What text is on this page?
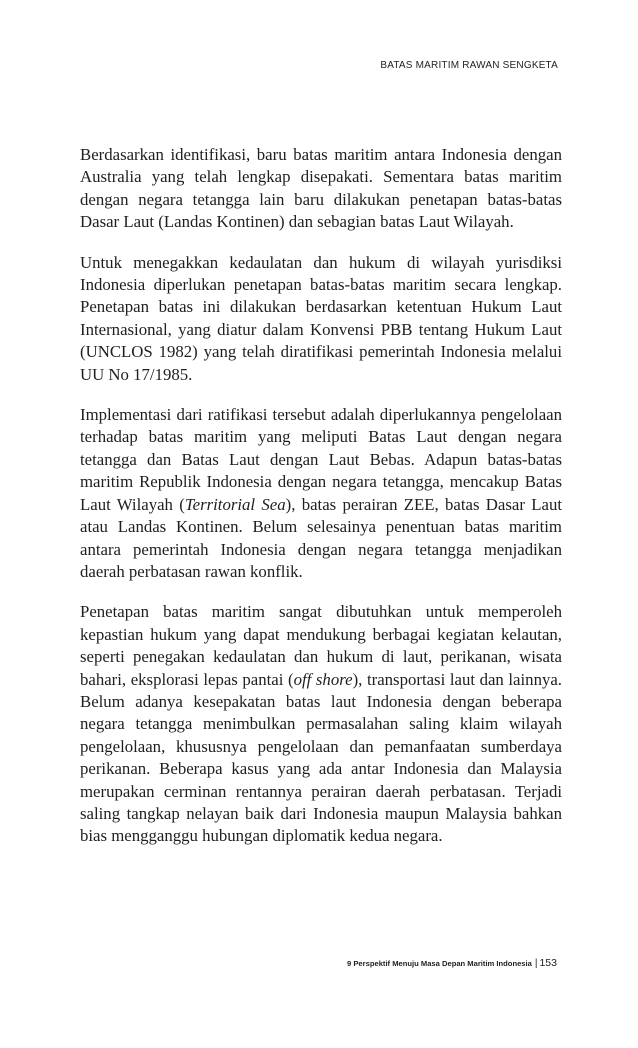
BATAS MARITIM RAWAN SENGKETA

Berdasarkan identifikasi, baru batas maritim antara Indonesia dengan Australia yang telah lengkap disepakati. Sementara batas maritim dengan negara tetangga lain baru dilakukan penetapan batas-batas Dasar Laut (Landas Kontinen) dan sebagian batas Laut Wilayah.

Untuk menegakkan kedaulatan dan hukum di wilayah yurisdiksi Indonesia diperlukan penetapan batas-batas maritim secara lengkap. Penetapan batas ini dilakukan berdasarkan ketentuan Hukum Laut Internasional, yang diatur dalam Konvensi PBB tentang Hukum Laut (UNCLOS 1982) yang telah diratifikasi pemerintah Indonesia melalui UU No 17/1985.

Implementasi dari ratifikasi tersebut adalah diperlukannya pengelolaan terhadap batas maritim yang meliputi Batas Laut dengan negara tetangga dan Batas Laut dengan Laut Bebas. Adapun batas-batas maritim Republik Indonesia dengan negara tetangga, mencakup Batas Laut Wilayah (Territorial Sea), batas perairan ZEE, batas Dasar Laut atau Landas Kontinen. Belum selesainya penentuan batas maritim antara pemerintah Indonesia dengan negara tetangga menjadikan daerah perbatasan rawan konflik.

Penetapan batas maritim sangat dibutuhkan untuk memperoleh kepastian hukum yang dapat mendukung berbagai kegiatan kelautan, seperti penegakan kedaulatan dan hukum di laut, perikanan, wisata bahari, eksplorasi lepas pantai (off shore), transportasi laut dan lainnya. Belum adanya kesepakatan batas laut Indonesia dengan beberapa negara tetangga menimbulkan permasalahan saling klaim wilayah pengelolaan, khususnya pengelolaan dan pemanfaatan sumberdaya perikanan. Beberapa kasus yang ada antar Indonesia dan Malaysia merupakan cerminan rentannya perairan daerah perbatasan. Terjadi saling tangkap nelayan baik dari Indonesia maupun Malaysia bahkan bias mengganggu hubungan diplomatik kedua negara.

9 Perspektif Menuju Masa Depan Maritim Indonesia | 153
